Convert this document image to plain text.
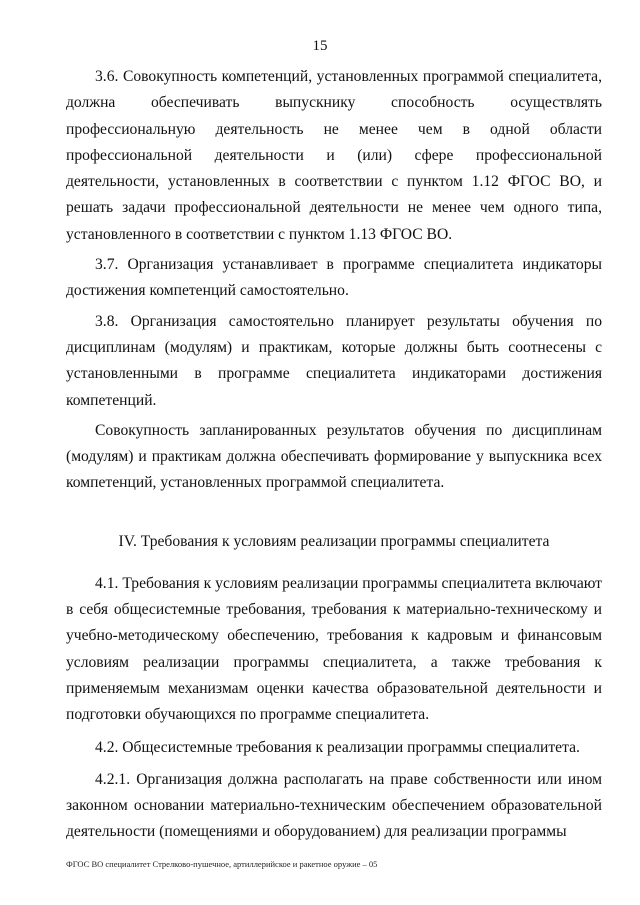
15

3.6. Совокупность компетенций, установленных программой специалитета, должна обеспечивать выпускнику способность осуществлять профессиональную деятельность не менее чем в одной области профессиональной деятельности и (или) сфере профессиональной деятельности, установленных в соответствии с пунктом 1.12 ФГОС ВО, и решать задачи профессиональной деятельности не менее чем одного типа, установленного в соответствии с пунктом 1.13 ФГОС ВО.

3.7. Организация устанавливает в программе специалитета индикаторы достижения компетенций самостоятельно.

3.8. Организация самостоятельно планирует результаты обучения по дисциплинам (модулям) и практикам, которые должны быть соотнесены с установленными в программе специалитета индикаторами достижения компетенций.

Совокупность запланированных результатов обучения по дисциплинам (модулям) и практикам должна обеспечивать формирование у выпускника всех компетенций, установленных программой специалитета.

IV. Требования к условиям реализации программы специалитета

4.1. Требования к условиям реализации программы специалитета включают в себя общесистемные требования, требования к материально-техническому и учебно-методическому обеспечению, требования к кадровым и финансовым условиям реализации программы специалитета, а также требования к применяемым механизмам оценки качества образовательной деятельности и подготовки обучающихся по программе специалитета.

4.2. Общесистемные требования к реализации программы специалитета.

4.2.1. Организация должна располагать на праве собственности или ином законном основании материально-техническим обеспечением образовательной деятельности (помещениями и оборудованием) для реализации программы

ФГОС ВО специалитет Стрелково-пушечное, артиллерийское и ракетное оружие – 05
